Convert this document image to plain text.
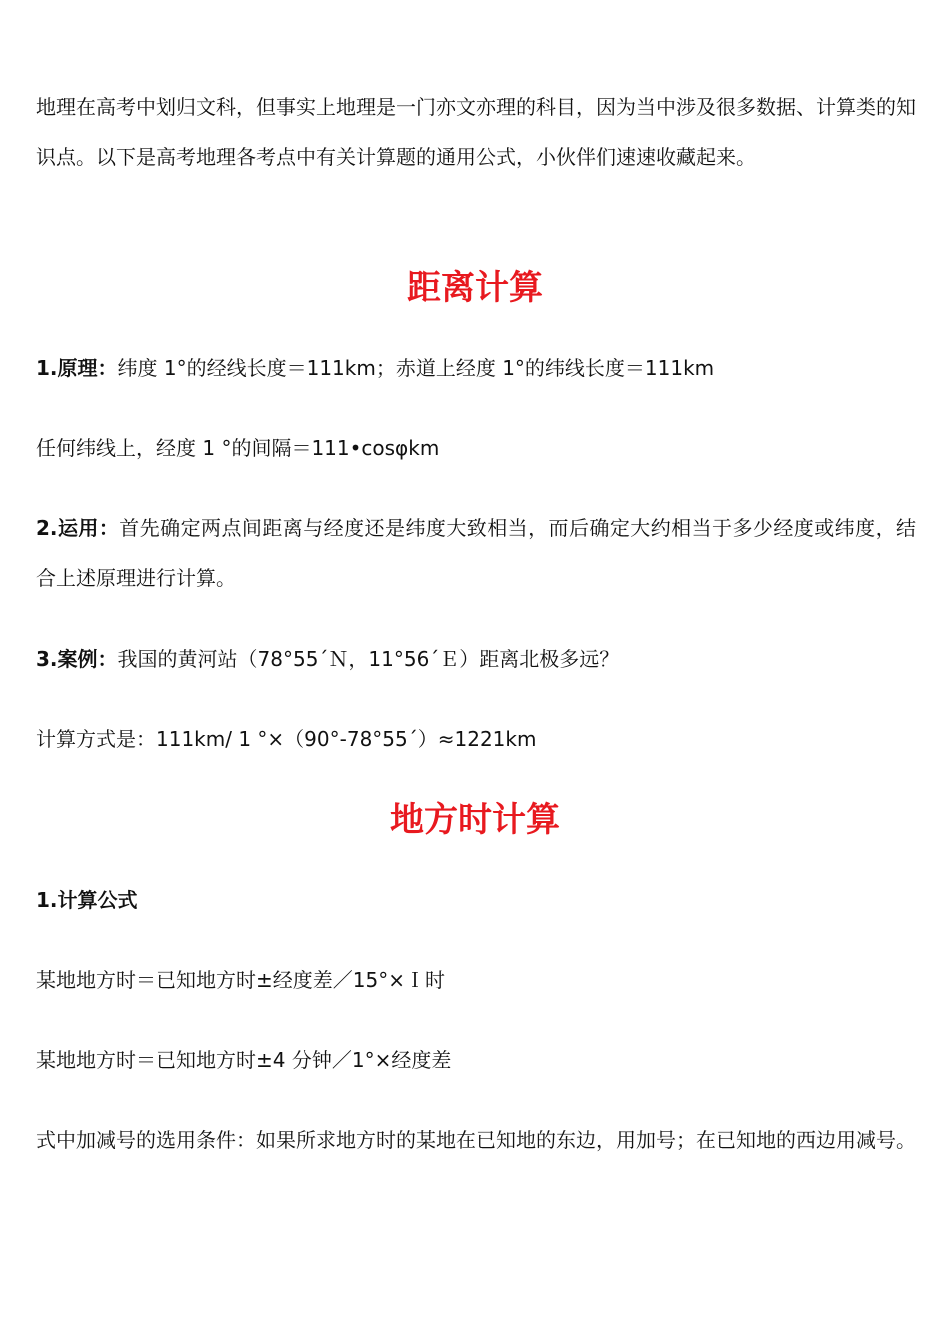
地理在高考中划归文科，但事实上地理是一门亦文亦理的科目，因为当中涉及很多数据、计算类的知识点。以下是高考地理各考点中有关计算题的通用公式，小伙伴们速速收藏起来。

距离计算

1.原理：纬度 1°的经线长度＝111km；赤道上经度 1°的纬线长度＝111km

任何纬线上，经度 1 °的间隔＝111•cosφkm

2.运用：首先确定两点间距离与经度还是纬度大致相当，而后确定大约相当于多少经度或纬度，结合上述原理进行计算。

3.案例：我国的黄河站（78°55´Ｎ，11°56´Ｅ）距离北极多远？

计算方式是：111km/ 1 °×（90°-78°55´）≈1221km

地方时计算

1.计算公式

某地地方时＝已知地方时±经度差／15°×Ｉ时

某地地方时＝已知地方时±4 分钟／1°×经度差

式中加减号的选用条件：如果所求地方时的某地在已知地的东边，用加号；在已知地的西边用减号。
